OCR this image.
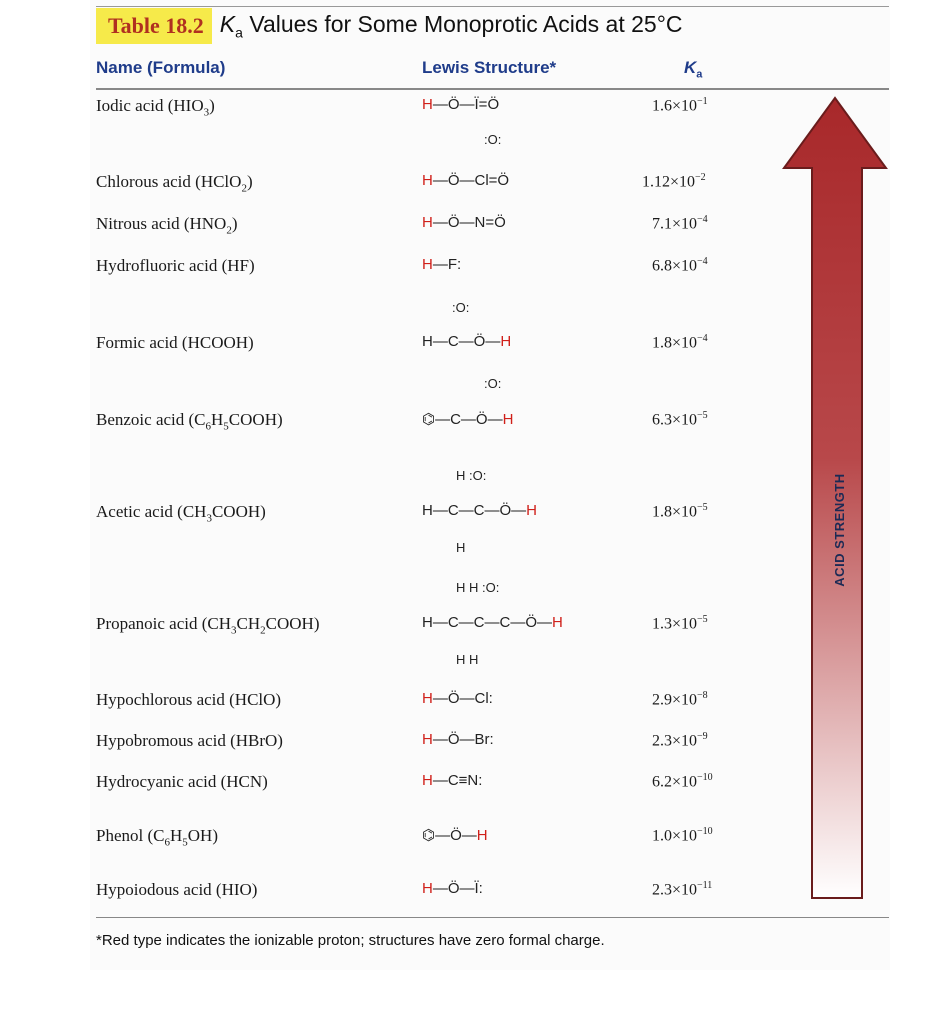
Table 18.2 $K_a$ Values for Some Monoprotic Acids at 25°C
Name (Formula)	Lewis Structure*	$K_a$
Iodic acid $(HIO_3)$	H—Ö—Ï=Ö	$1.6\times 10^{-1}$
:O:
Chlorous acid (HClO$_2$)	H—Ö—Cl=Ö	$1.12\times 10^{-2}$
Nitrous acid $(HNO_2)$	H—Ö—N=Ö	$7.1\times 10^{-4}$
Hydrofluoric acid (HF)	H—F:	$6.8\times 10^{-4}$
:O:
Formic acid (HCOOH)	H—C—Ö—H	$1.8\times 10^{-4}$
:O:
Benzoic acid $(C_6H_5COOH)$	⌬—C—Ö—H	$6.3\times 10^{-5}$
H :O:
Acetic acid $(CH_3COOH)$	H—C—C—Ö—H	$1.8\times 10^{-5}$
H
H H :O:
Propanoic acid $(CH_3CH_2COOH)$	H—C—C—C—Ö—H	$1.3\times 10^{-5}$
H H
Hypochlorous acid (HClO)	H—Ö—Cl:	$2.9\times 10^{-8}$
Hypobromous acid (HBrO)	H—Ö—Br:	$2.3\times 10^{-9}$
Hydrocyanic acid (HCN)	H—C≡N:	$6.2\times 10^{-10}$
Phenol $(C_6H_5OH)$	⌬—Ö—H	$1.0\times 10^{-10}$
Hypoiodous acid (HIO)	H—Ö—Ï:	$2.3\times 10^{-11}$
ACID STRENGTH
*Red type indicates the ionizable proton; structures have zero formal charge.
